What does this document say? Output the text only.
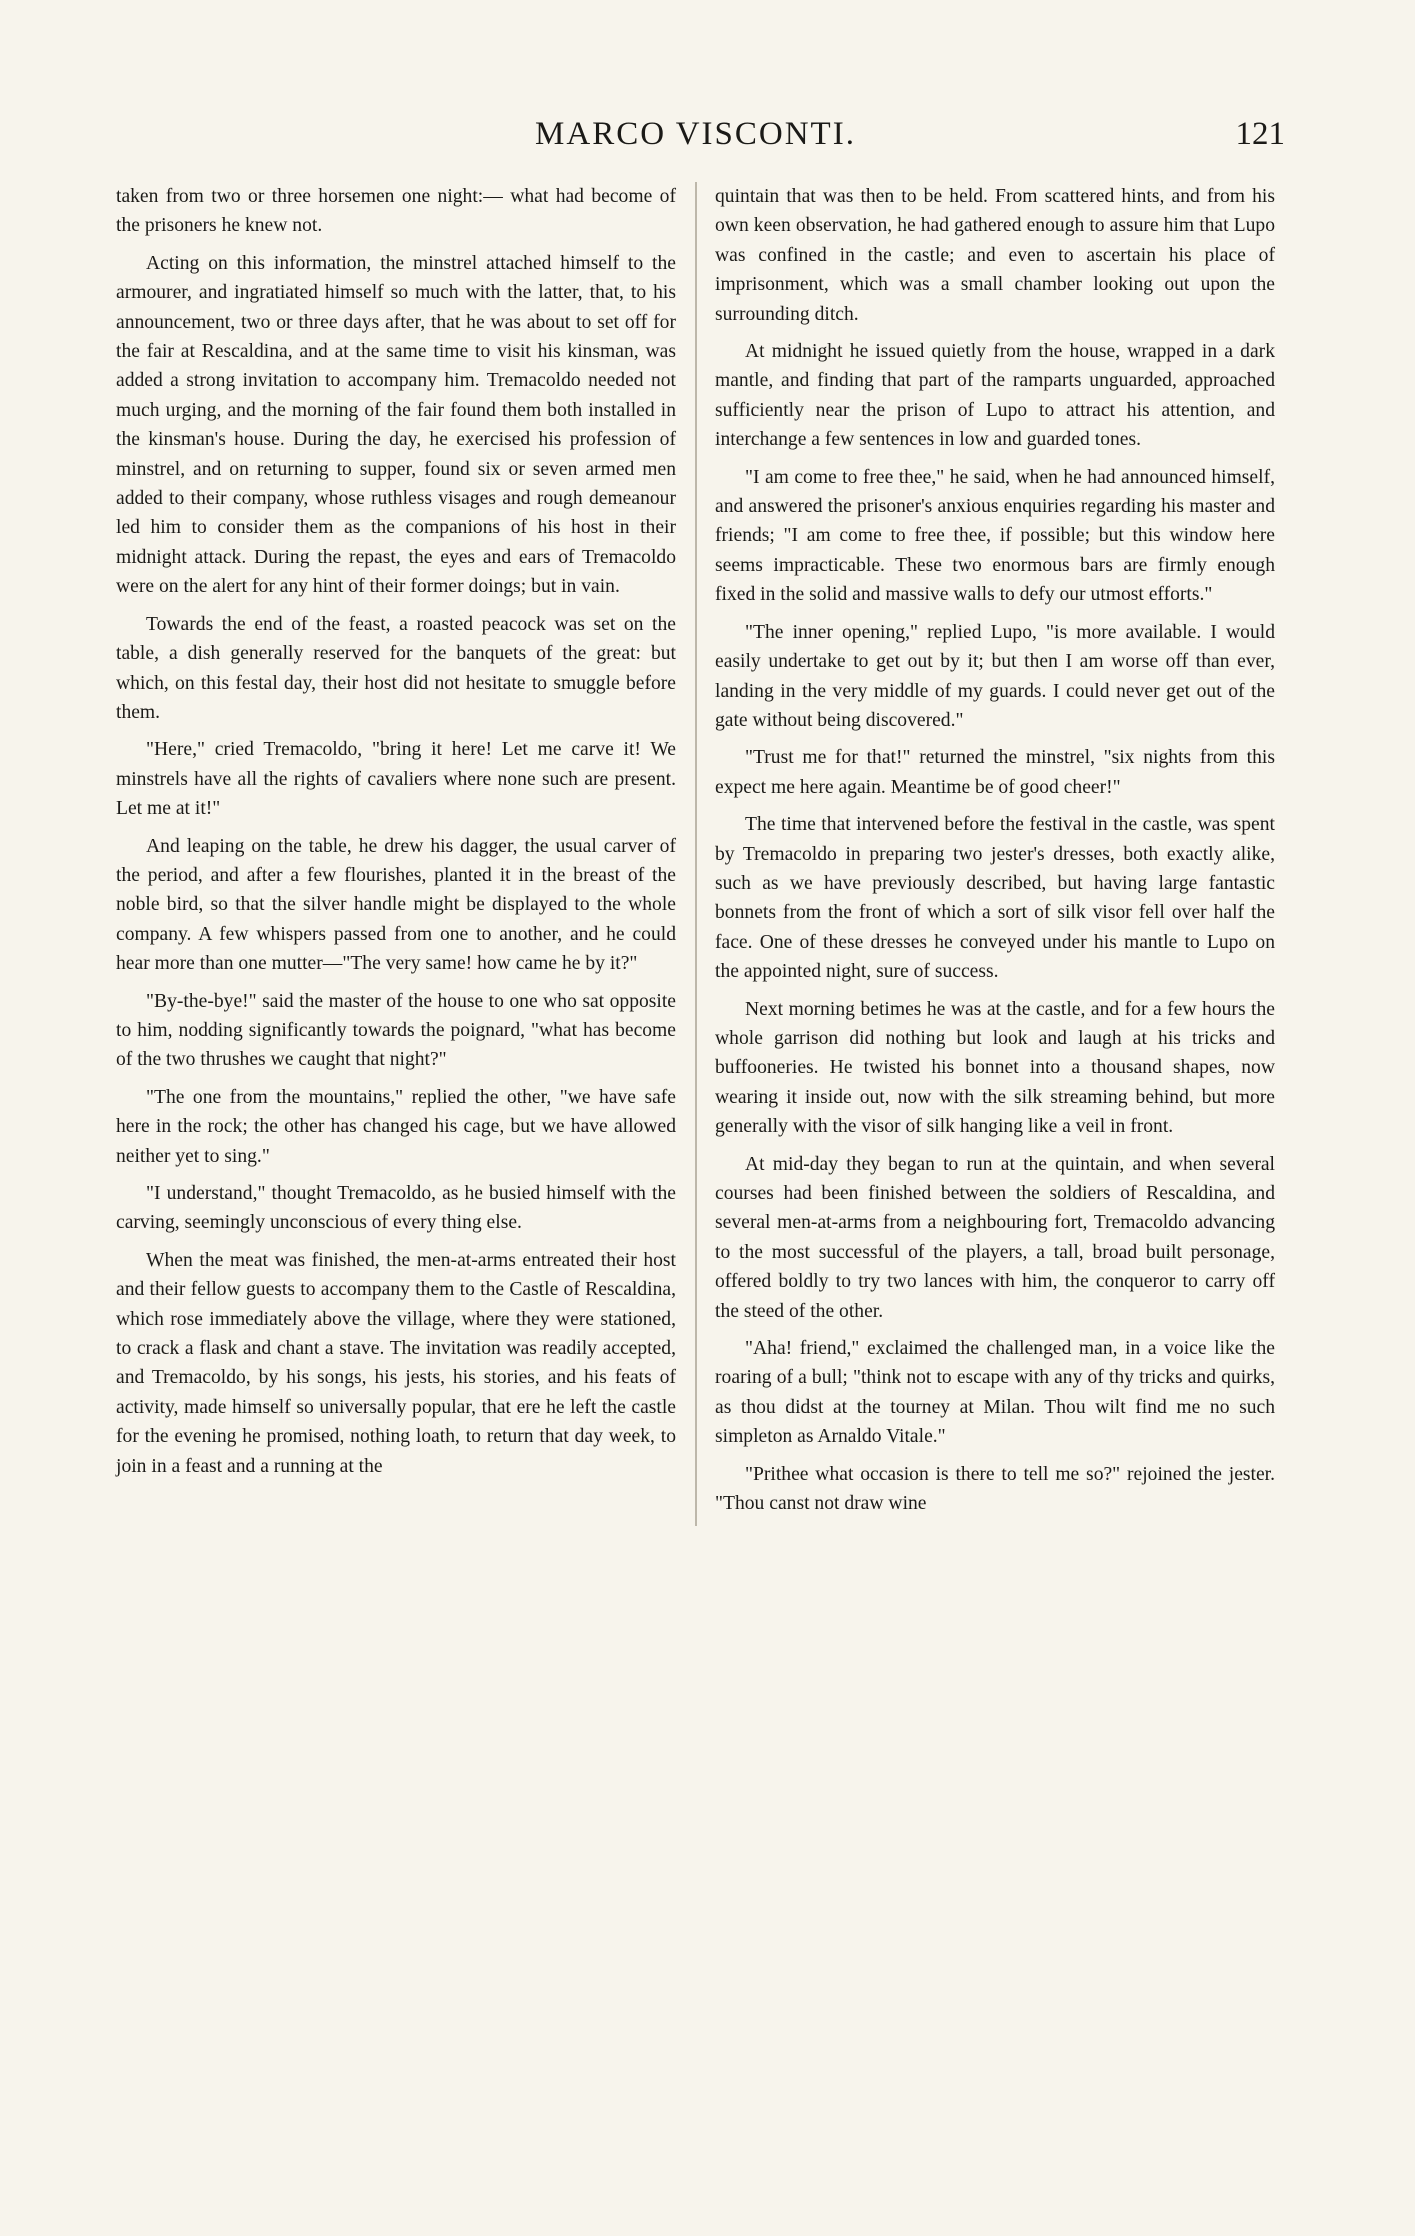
MARCO VISCONTI.	121

taken from two or three horsemen one night:— what had become of the prisoners he knew not.

Acting on this information, the minstrel attached himself to the armourer, and ingratiated himself so much with the latter, that, to his announcement, two or three days after, that he was about to set off for the fair at Rescaldina, and at the same time to visit his kinsman, was added a strong invitation to accompany him. Tremacoldo needed not much urging, and the morning of the fair found them both installed in the kinsman's house. During the day, he exercised his profession of minstrel, and on returning to supper, found six or seven armed men added to their company, whose ruthless visages and rough demeanour led him to consider them as the companions of his host in their midnight attack. During the repast, the eyes and ears of Tremacoldo were on the alert for any hint of their former doings; but in vain.

Towards the end of the feast, a roasted peacock was set on the table, a dish generally reserved for the banquets of the great: but which, on this festal day, their host did not hesitate to smuggle before them.

"Here," cried Tremacoldo, "bring it here! Let me carve it! We minstrels have all the rights of cavaliers where none such are present. Let me at it!"

And leaping on the table, he drew his dagger, the usual carver of the period, and after a few flourishes, planted it in the breast of the noble bird, so that the silver handle might be displayed to the whole company. A few whispers passed from one to another, and he could hear more than one mutter—"The very same! how came he by it?"

"By-the-bye!" said the master of the house to one who sat opposite to him, nodding significantly towards the poignard, "what has become of the two thrushes we caught that night?"

"The one from the mountains," replied the other, "we have safe here in the rock; the other has changed his cage, but we have allowed neither yet to sing."

"I understand," thought Tremacoldo, as he busied himself with the carving, seemingly unconscious of every thing else.

When the meat was finished, the men-at-arms entreated their host and their fellow guests to accompany them to the Castle of Rescaldina, which rose immediately above the village, where they were stationed, to crack a flask and chant a stave. The invitation was readily accepted, and Tremacoldo, by his songs, his jests, his stories, and his feats of activity, made himself so universally popular, that ere he left the castle for the evening he promised, nothing loath, to return that day week, to join in a feast and a running at the

quintain that was then to be held. From scattered hints, and from his own keen observation, he had gathered enough to assure him that Lupo was confined in the castle; and even to ascertain his place of imprisonment, which was a small chamber looking out upon the surrounding ditch.

At midnight he issued quietly from the house, wrapped in a dark mantle, and finding that part of the ramparts unguarded, approached sufficiently near the prison of Lupo to attract his attention, and interchange a few sentences in low and guarded tones.

"I am come to free thee," he said, when he had announced himself, and answered the prisoner's anxious enquiries regarding his master and friends; "I am come to free thee, if possible; but this window here seems impracticable. These two enormous bars are firmly enough fixed in the solid and massive walls to defy our utmost efforts."

"The inner opening," replied Lupo, "is more available. I would easily undertake to get out by it; but then I am worse off than ever, landing in the very middle of my guards. I could never get out of the gate without being discovered."

"Trust me for that!" returned the minstrel, "six nights from this expect me here again. Meantime be of good cheer!"

The time that intervened before the festival in the castle, was spent by Tremacoldo in preparing two jester's dresses, both exactly alike, such as we have previously described, but having large fantastic bonnets from the front of which a sort of silk visor fell over half the face. One of these dresses he conveyed under his mantle to Lupo on the appointed night, sure of success.

Next morning betimes he was at the castle, and for a few hours the whole garrison did nothing but look and laugh at his tricks and buffooneries. He twisted his bonnet into a thousand shapes, now wearing it inside out, now with the silk streaming behind, but more generally with the visor of silk hanging like a veil in front.

At mid-day they began to run at the quintain, and when several courses had been finished between the soldiers of Rescaldina, and several men-at-arms from a neighbouring fort, Tremacoldo advancing to the most successful of the players, a tall, broad built personage, offered boldly to try two lances with him, the conqueror to carry off the steed of the other.

"Aha! friend," exclaimed the challenged man, in a voice like the roaring of a bull; "think not to escape with any of thy tricks and quirks, as thou didst at the tourney at Milan. Thou wilt find me no such simpleton as Arnaldo Vitale."

"Prithee what occasion is there to tell me so?" rejoined the jester. "Thou canst not draw wine
